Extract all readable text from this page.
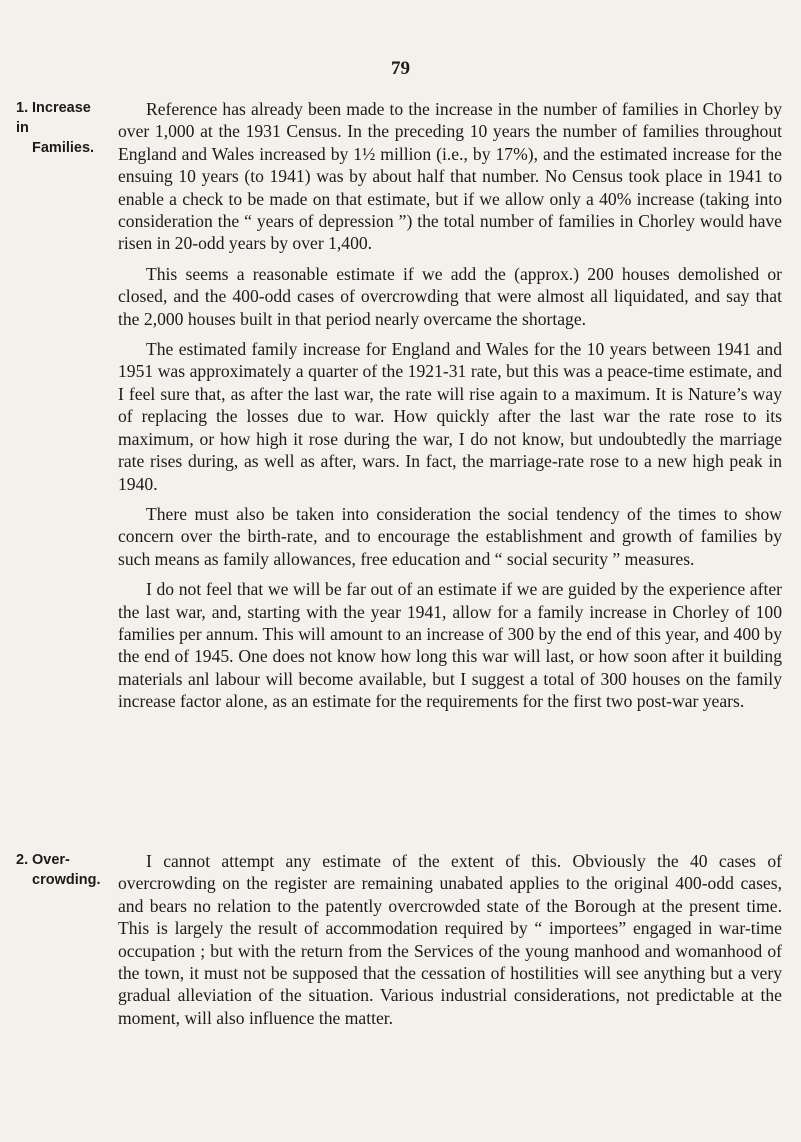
79
1. Increase in
Families.

Reference has already been made to the increase in the number of families in Chorley by over 1,000 at the 1931 Census. In the preceding 10 years the number of families throughout England and Wales increased by 1½ million (i.e., by 17%), and the estimated increase for the ensuing 10 years (to 1941) was by about half that number. No Census took place in 1941 to enable a check to be made on that estimate, but if we allow only a 40% increase (taking into consideration the “ years of depression ”) the total number of families in Chorley would have risen in 20-odd years by over 1,400.

This seems a reasonable estimate if we add the (approx.) 200 houses demolished or closed, and the 400-odd cases of overcrowding that were almost all liquidated, and say that the 2,000 houses built in that period nearly overcame the shortage.

The estimated family increase for England and Wales for the 10 years between 1941 and 1951 was approximately a quarter of the 1921-31 rate, but this was a peace-time estimate, and I feel sure that, as after the last war, the rate will rise again to a maximum. It is Nature’s way of replacing the losses due to war. How quickly after the last war the rate rose to its maximum, or how high it rose during the war, I do not know, but undoubtedly the marriage rate rises during, as well as after, wars. In fact, the marriage-rate rose to a new high peak in 1940.

There must also be taken into consideration the social tendency of the times to show concern over the birth-rate, and to encourage the establishment and growth of families by such means as family allowances, free education and “ social security ” measures.

I do not feel that we will be far out of an estimate if we are guided by the experience after the last war, and, starting with the year 1941, allow for a family increase in Chorley of 100 families per annum. This will amount to an increase of 300 by the end of this year, and 400 by the end of 1945. One does not know how long this war will last, or how soon after it building materials anl labour will become available, but I suggest a total of 300 houses on the family increase factor alone, as an estimate for the requirements for the first two post-war years.

2. Over-
crowding.

I cannot attempt any estimate of the extent of this. Obviously the 40 cases of overcrowding on the register are remaining unabated applies to the original 400-odd cases, and bears no relation to the patently overcrowded state of the Borough at the present time. This is largely the result of accommodation required by “ importees” engaged in war-time occupation ; but with the return from the Services of the young manhood and womanhood of the town, it must not be supposed that the cessation of hostilities will see anything but a very gradual alleviation of the situation. Various industrial considerations, not predictable at the moment, will also influence the matter.
